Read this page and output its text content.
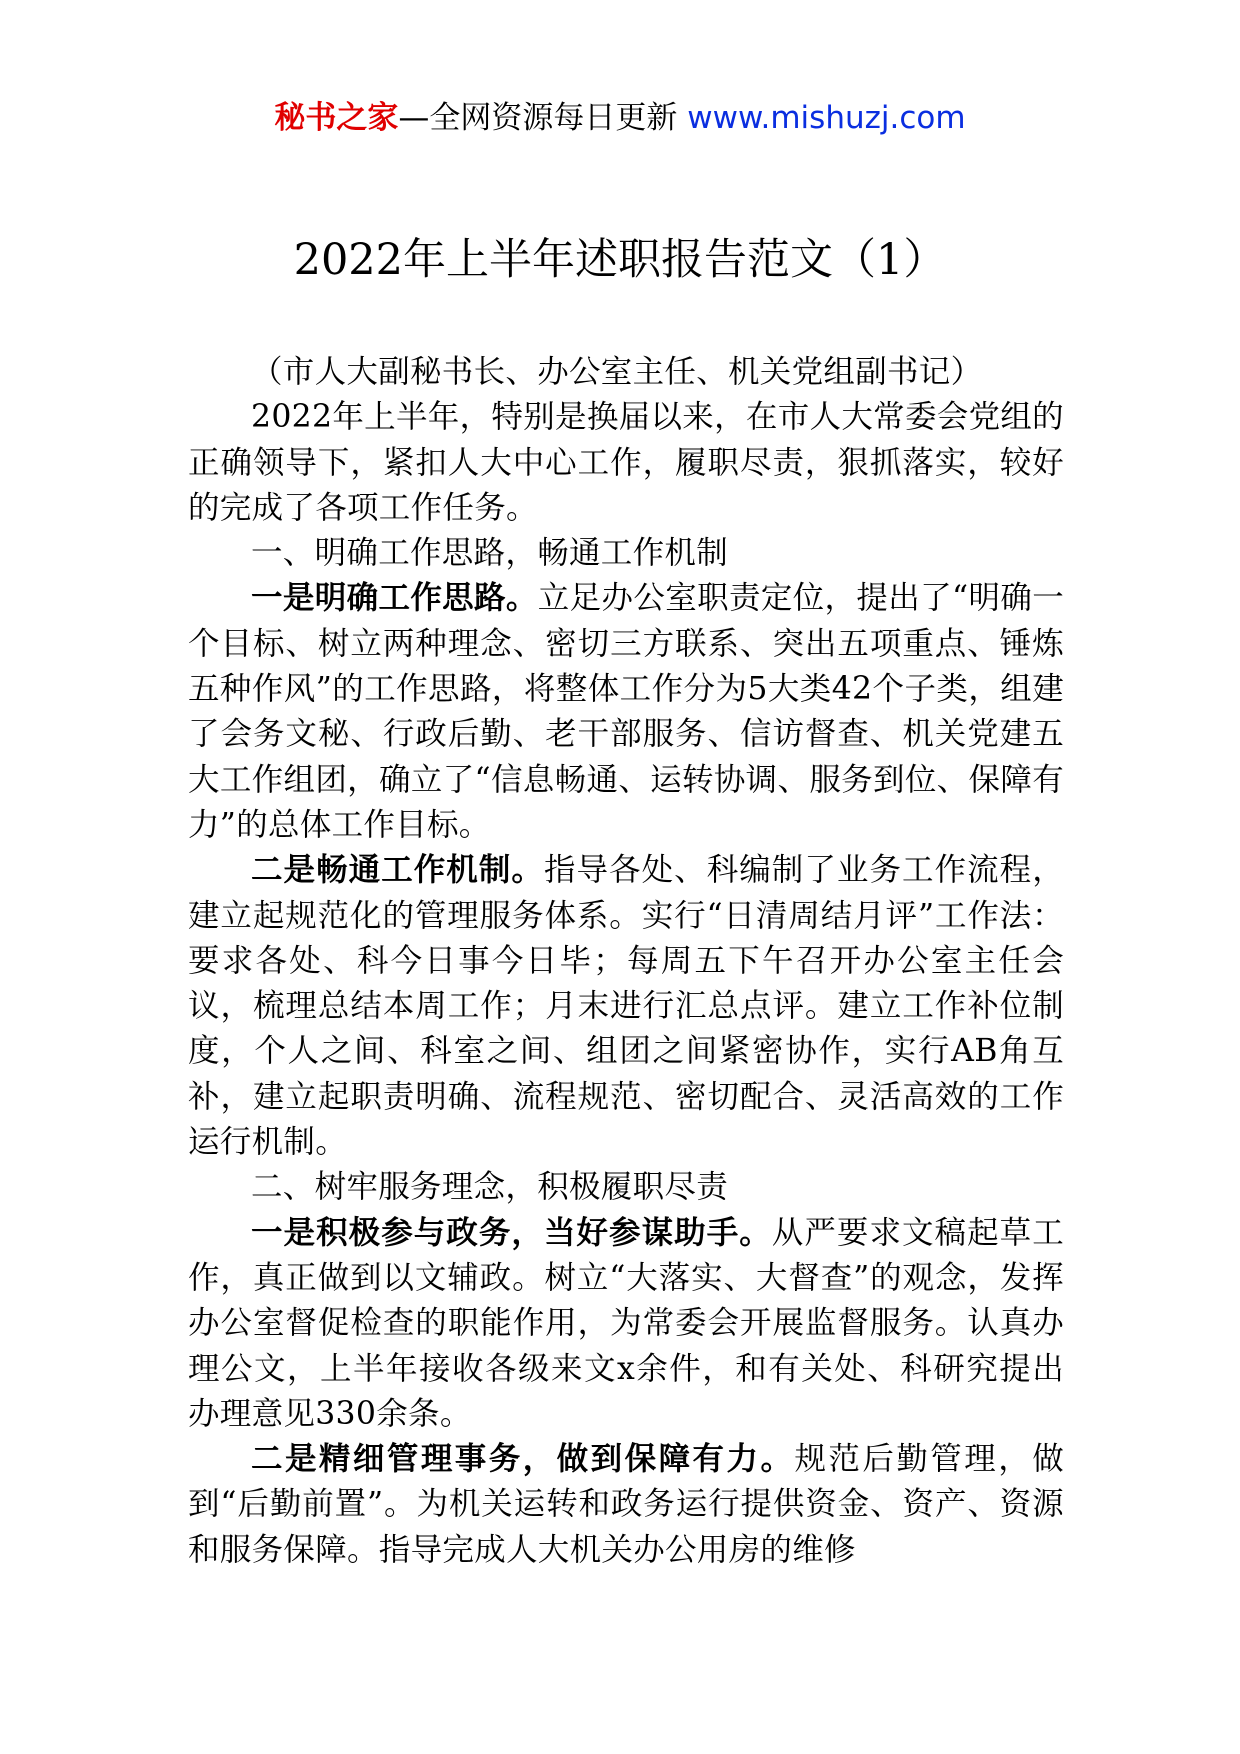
秘书之家—全网资源每日更新 www.mishuzj.com
2022年上半年述职报告范文（1）

（市人大副秘书长、办公室主任、机关党组副书记）

2022年上半年，特别是换届以来，在市人大常委会党组的正确领导下，紧扣人大中心工作，履职尽责，狠抓落实，较好的完成了各项工作任务。

一、明确工作思路，畅通工作机制

一是明确工作思路。立足办公室职责定位，提出了“明确一个目标、树立两种理念、密切三方联系、突出五项重点、锤炼五种作风”的工作思路，将整体工作分为5大类42个子类，组建了会务文秘、行政后勤、老干部服务、信访督查、机关党建五大工作组团，确立了“信息畅通、运转协调、服务到位、保障有力”的总体工作目标。

二是畅通工作机制。指导各处、科编制了业务工作流程，建立起规范化的管理服务体系。实行“日清周结月评”工作法：要求各处、科今日事今日毕；每周五下午召开办公室主任会议，梳理总结本周工作；月末进行汇总点评。建立工作补位制度，个人之间、科室之间、组团之间紧密协作，实行AB角互补，建立起职责明确、流程规范、密切配合、灵活高效的工作运行机制。

二、树牢服务理念，积极履职尽责

一是积极参与政务，当好参谋助手。从严要求文稿起草工作，真正做到以文辅政。树立“大落实、大督查”的观念，发挥办公室督促检查的职能作用，为常委会开展监督服务。认真办理公文，上半年接收各级来文x余件，和有关处、科研究提出办理意见330余条。

二是精细管理事务，做到保障有力。规范后勤管理，做到“后勤前置”。为机关运转和政务运行提供资金、资产、资源和服务保障。指导完成人大机关办公用房的维修
